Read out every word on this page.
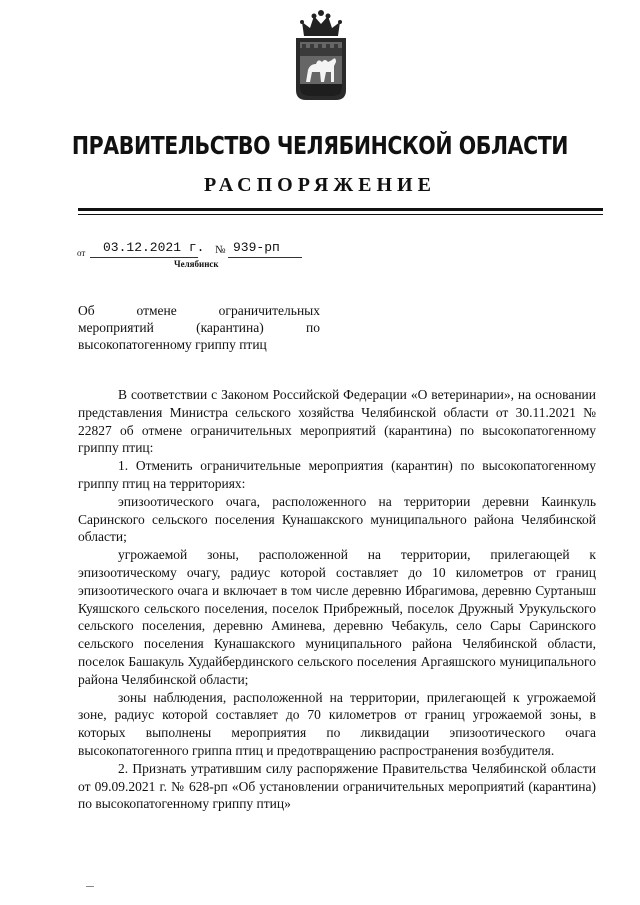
ПРАВИТЕЛЬСТВО ЧЕЛЯБИНСКОЙ ОБЛАСТИ
РАСПОРЯЖЕНИЕ
от 03.12.2021 г. № 939-рп
Челябинск
Об отмене ограничительных
мероприятий (карантина) по
высокопатогенному гриппу птиц

В соответствии с Законом Российской Федерации «О ветеринарии», на основании представления Министра сельского хозяйства Челябинской области от 30.11.2021 № 22827 об отмене ограничительных мероприятий (карантина) по высокопатогенному гриппу птиц:

1. Отменить ограничительные мероприятия (карантин) по высокопатогенному гриппу птиц на территориях:

эпизоотического очага, расположенного на территории деревни Каинкуль Саринского сельского поселения Кунашакского муниципального района Челябинской области;

угрожаемой зоны, расположенной на территории, прилегающей к эпизоотическому очагу, радиус которой составляет до 10 километров от границ эпизоотического очага и включает в том числе деревню Ибрагимова, деревню Суртаныш Куяшского сельского поселения, поселок Прибрежный, поселок Дружный Урукульского сельского поселения, деревню Аминева, деревню Чебакуль, село Сары Саринского сельского поселения Кунашакского муниципального района Челябинской области, поселок Башакуль Худайбердинского сельского поселения Аргаяшского муниципального района Челябинской области;

зоны наблюдения, расположенной на территории, прилегающей к угрожаемой зоне, радиус которой составляет до 70 километров от границ угрожаемой зоны, в которых выполнены мероприятия по ликвидации эпизоотического очага высокопатогенного гриппа птиц и предотвращению распространения возбудителя.

2. Признать утратившим силу распоряжение Правительства Челябинской области от 09.09.2021 г. № 628-рп «Об установлении ограничительных мероприятий (карантина) по высокопатогенному гриппу птиц»
